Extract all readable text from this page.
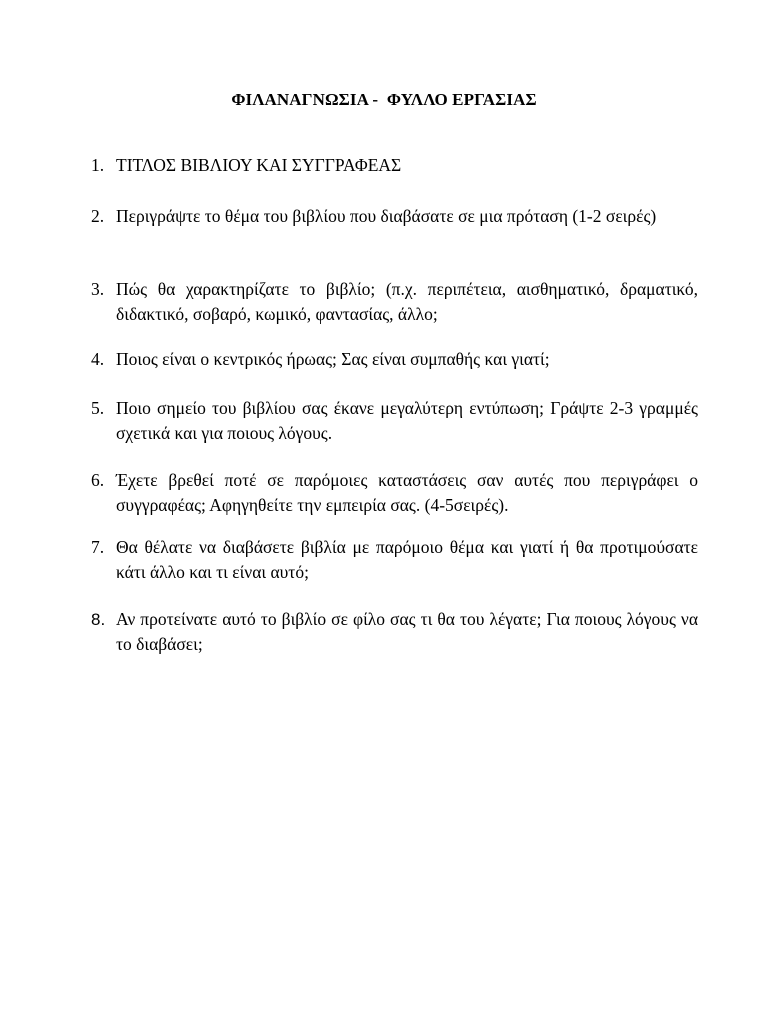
ΦΙΛΑΝΑΓΝΩΣΙΑ -  ΦΥΛΛΟ ΕΡΓΑΣΙΑΣ
1. ΤΙΤΛΟΣ ΒΙΒΛΙΟΥ ΚΑΙ ΣΥΓΓΡΑΦΕΑΣ
2. Περιγράψτε το θέμα του βιβλίου που διαβάσατε σε μια πρόταση (1-2 σειρές)
3. Πώς θα χαρακτηρίζατε το βιβλίο; (π.χ. περιπέτεια, αισθηματικό, δραματικό, διδακτικό, σοβαρό, κωμικό, φαντασίας, άλλο;
4. Ποιος είναι ο κεντρικός ήρωας; Σας είναι συμπαθής και γιατί;
5. Ποιο σημείο του βιβλίου σας έκανε μεγαλύτερη εντύπωση; Γράψτε 2-3 γραμμές σχετικά και για ποιους λόγους.
6. Έχετε βρεθεί ποτέ σε παρόμοιες καταστάσεις σαν αυτές που περιγράφει ο συγγραφέας; Αφηγηθείτε την εμπειρία σας. (4-5σειρές).
7. Θα θέλατε να διαβάσετε βιβλία με παρόμοιο θέμα και γιατί ή θα προτιμούσατε κάτι άλλο και τι είναι αυτό;
8. Αν προτείνατε αυτό το βιβλίο σε φίλο σας τι θα του λέγατε; Για ποιους λόγους να το διαβάσει;
